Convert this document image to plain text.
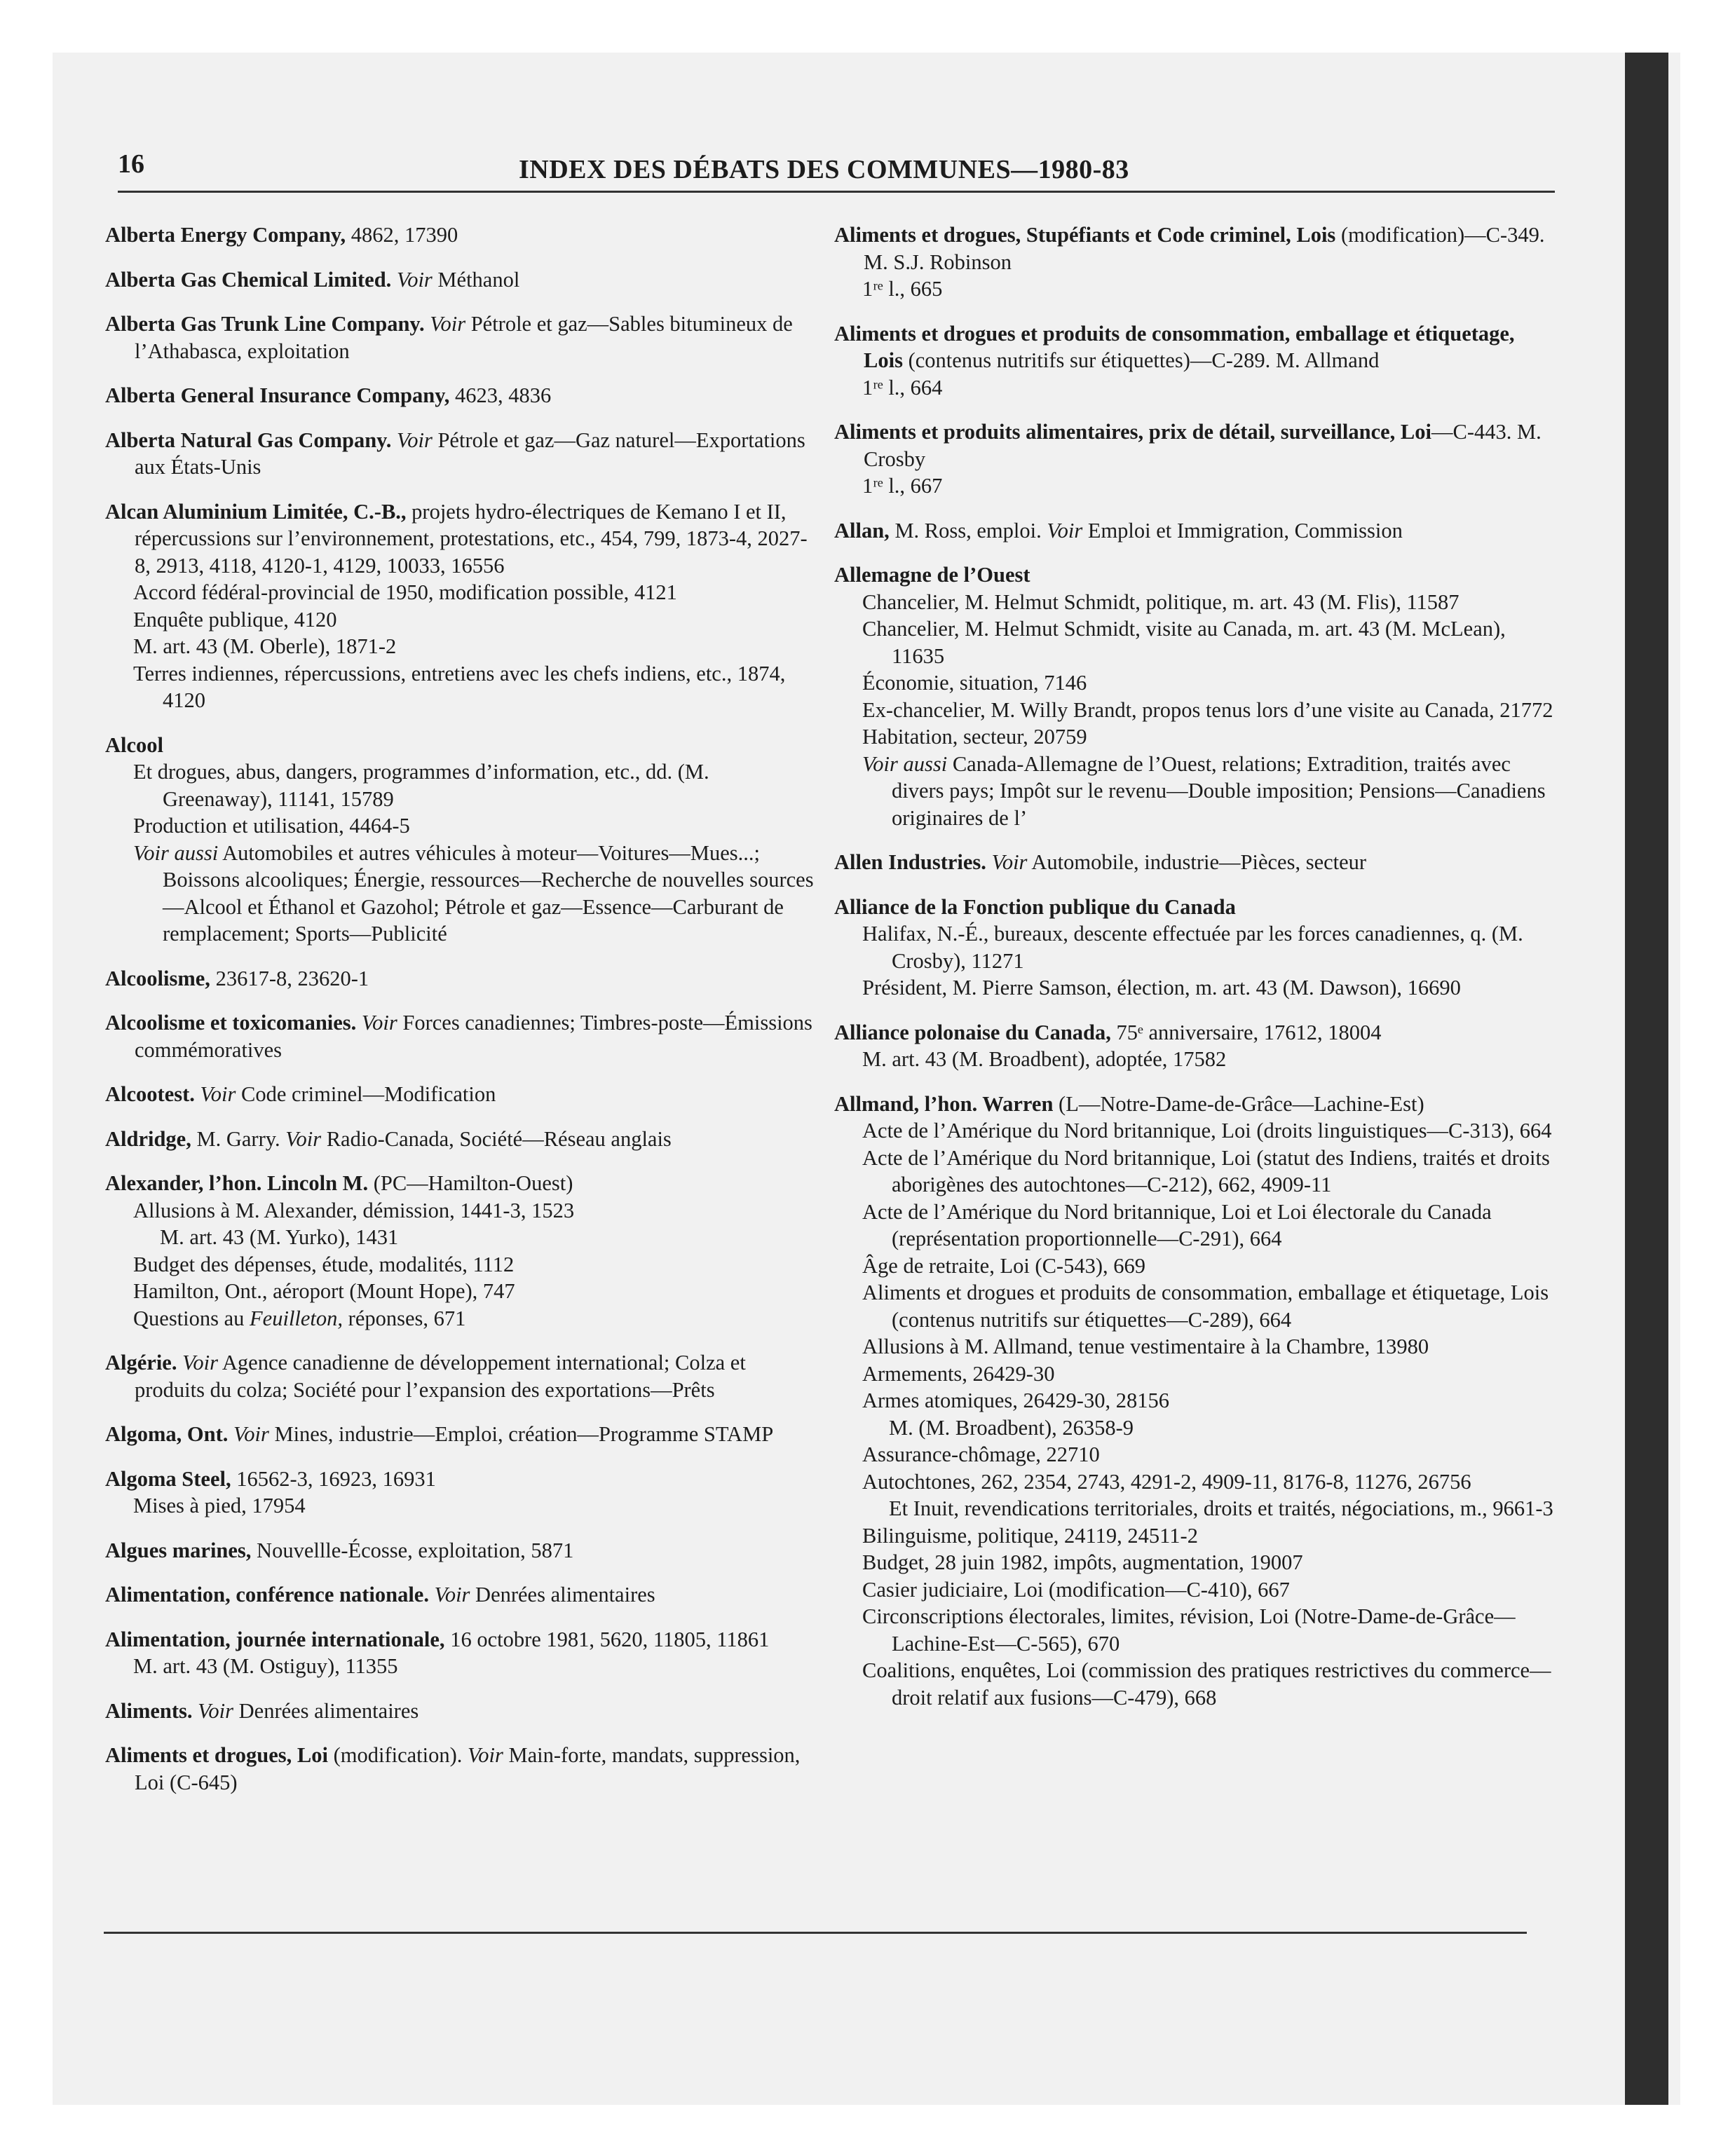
16	INDEX DES DÉBATS DES COMMUNES—1980-83
Alberta Energy Company, 4862, 17390
Alberta Gas Chemical Limited. Voir Méthanol
Alberta Gas Trunk Line Company. Voir Pétrole et gaz—Sables bitumineux de l’Athabasca, exploitation
Alberta General Insurance Company, 4623, 4836
Alberta Natural Gas Company. Voir Pétrole et gaz—Gaz naturel—Exportations aux États-Unis
Alcan Aluminium Limitée, C.-B., projets hydro-électriques de Kemano I et II, répercussions sur l’environnement, protestations, etc., 454, 799, 1873-4, 2027-8, 2913, 4118, 4120-1, 4129, 10033, 16556
Accord fédéral-provincial de 1950, modification possible, 4121
Enquête publique, 4120
M. art. 43 (M. Oberle), 1871-2
Terres indiennes, répercussions, entretiens avec les chefs indiens, etc., 1874, 4120
Alcool
Et drogues, abus, dangers, programmes d’information, etc., dd. (M. Greenaway), 11141, 15789
Production et utilisation, 4464-5
Voir aussi Automobiles et autres véhicules à moteur—Voitures—Mues...; Boissons alcooliques; Énergie, ressources—Recherche de nouvelles sources—Alcool et Éthanol et Gazohol; Pétrole et gaz—Essence—Carburant de remplacement; Sports—Publicité
Alcoolisme, 23617-8, 23620-1
Alcoolisme et toxicomanies. Voir Forces canadiennes; Timbres-poste—Émissions commémoratives
Alcootest. Voir Code criminel—Modification
Aldridge, M. Garry. Voir Radio-Canada, Société—Réseau anglais
Alexander, l’hon. Lincoln M. (PC—Hamilton-Ouest)
Allusions à M. Alexander, démission, 1441-3, 1523
M. art. 43 (M. Yurko), 1431
Budget des dépenses, étude, modalités, 1112
Hamilton, Ont., aéroport (Mount Hope), 747
Questions au Feuilleton, réponses, 671
Algérie. Voir Agence canadienne de développement international; Colza et produits du colza; Société pour l’expansion des exportations—Prêts
Algoma, Ont. Voir Mines, industrie—Emploi, création—Programme STAMP
Algoma Steel, 16562-3, 16923, 16931
Mises à pied, 17954
Algues marines, Nouvellle-Écosse, exploitation, 5871
Alimentation, conférence nationale. Voir Denrées alimentaires
Alimentation, journée internationale, 16 octobre 1981, 5620, 11805, 11861
M. art. 43 (M. Ostiguy), 11355
Aliments. Voir Denrées alimentaires
Aliments et drogues, Loi (modification). Voir Main-forte, mandats, suppression, Loi (C-645)
Aliments et drogues, Stupéfiants et Code criminel, Lois (modification)—C-349. M. S.J. Robinson
1ʳᵉ l., 665
Aliments et drogues et produits de consommation, emballage et étiquetage, Lois (contenus nutritifs sur étiquettes)—C-289. M. Allmand
1ʳᵉ l., 664
Aliments et produits alimentaires, prix de détail, surveillance, Loi—C-443. M. Crosby
1ʳᵉ l., 667
Allan, M. Ross, emploi. Voir Emploi et Immigration, Commission
Allemagne de l’Ouest
Chancelier, M. Helmut Schmidt, politique, m. art. 43 (M. Flis), 11587
Chancelier, M. Helmut Schmidt, visite au Canada, m. art. 43 (M. McLean), 11635
Économie, situation, 7146
Ex-chancelier, M. Willy Brandt, propos tenus lors d’une visite au Canada, 21772
Habitation, secteur, 20759
Voir aussi Canada-Allemagne de l’Ouest, relations; Extradition, traités avec divers pays; Impôt sur le revenu—Double imposition; Pensions—Canadiens originaires de l’
Allen Industries. Voir Automobile, industrie—Pièces, secteur
Alliance de la Fonction publique du Canada
Halifax, N.-É., bureaux, descente effectuée par les forces canadiennes, q. (M. Crosby), 11271
Président, M. Pierre Samson, élection, m. art. 43 (M. Dawson), 16690
Alliance polonaise du Canada, 75ᵉ anniversaire, 17612, 18004
M. art. 43 (M. Broadbent), adoptée, 17582
Allmand, l’hon. Warren (L—Notre-Dame-de-Grâce—Lachine-Est)
Acte de l’Amérique du Nord britannique, Loi (droits linguistiques—C-313), 664
Acte de l’Amérique du Nord britannique, Loi (statut des Indiens, traités et droits aborigènes des autochtones—C-212), 662, 4909-11
Acte de l’Amérique du Nord britannique, Loi et Loi électorale du Canada (représentation proportionnelle—C-291), 664
Âge de retraite, Loi (C-543), 669
Aliments et drogues et produits de consommation, emballage et étiquetage, Lois (contenus nutritifs sur étiquettes—C-289), 664
Allusions à M. Allmand, tenue vestimentaire à la Chambre, 13980
Armements, 26429-30
Armes atomiques, 26429-30, 28156
M. (M. Broadbent), 26358-9
Assurance-chômage, 22710
Autochtones, 262, 2354, 2743, 4291-2, 4909-11, 8176-8, 11276, 26756
Et Inuit, revendications territoriales, droits et traités, négociations, m., 9661-3
Bilinguisme, politique, 24119, 24511-2
Budget, 28 juin 1982, impôts, augmentation, 19007
Casier judiciaire, Loi (modification—C-410), 667
Circonscriptions électorales, limites, révision, Loi (Notre-Dame-de-Grâce—Lachine-Est—C-565), 670
Coalitions, enquêtes, Loi (commission des pratiques restrictives du commerce—droit relatif aux fusions—C-479), 668
